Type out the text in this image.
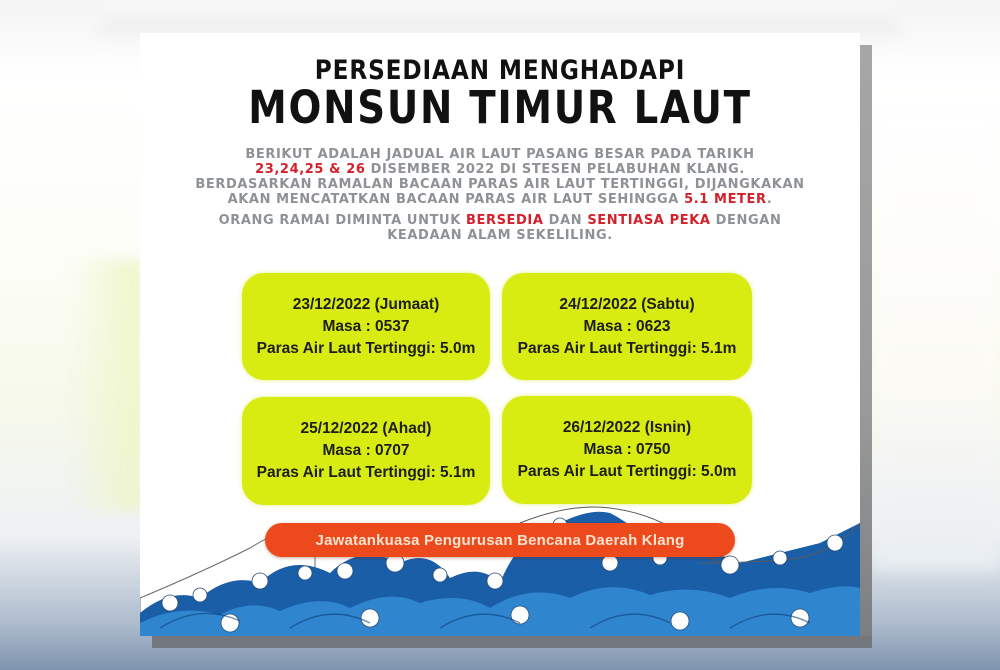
PERSEDIAAN MENGHADAPI
MONSUN TIMUR LAUT
BERIKUT ADALAH JADUAL AIR LAUT PASANG BESAR PADA TARIKH
23,24,25 & 26 DISEMBER 2022 DI STESEN PELABUHAN KLANG.
BERDASARKAN RAMALAN BACAAN PARAS AIR LAUT TERTINGGI, DIJANGKAKAN
AKAN MENCATATKAN BACAAN PARAS AIR LAUT SEHINGGA 5.1 METER.
ORANG RAMAI DIMINTA UNTUK BERSEDIA DAN SENTIASA PEKA DENGAN
KEADAAN ALAM SEKELILING.
23/12/2022 (Jumaat)
Masa : 0537
Paras Air Laut Tertinggi: 5.0m
24/12/2022 (Sabtu)
Masa : 0623
Paras Air Laut Tertinggi: 5.1m
25/12/2022 (Ahad)
Masa : 0707
Paras Air Laut Tertinggi: 5.1m
26/12/2022 (Isnin)
Masa : 0750
Paras Air Laut Tertinggi: 5.0m
Jawatankuasa Pengurusan Bencana Daerah Klang
